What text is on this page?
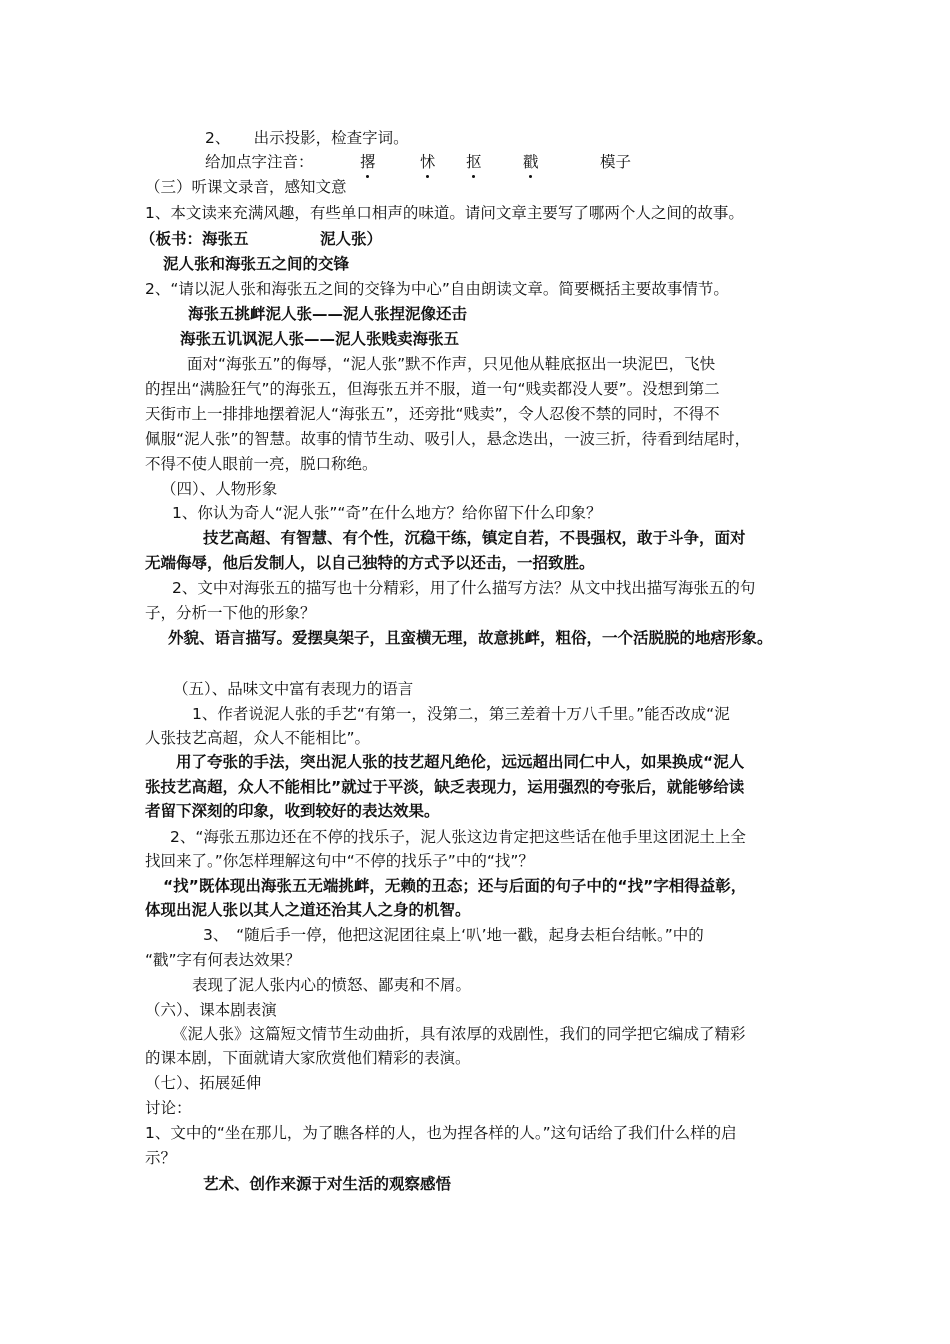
2、　　出示投影，检查字词。
给加点字注音：	撂	怵 抠	戳	模子
（三）听课文录音，感知文意
1、本文读来充满风趣，有些单口相声的味道。请问文章主要写了哪两个人之间的故事。
（板书：海张五	泥人张）
泥人张和海张五之间的交锋
2、“请以泥人张和海张五之间的交锋为中心”自由朗读文章。简要概括主要故事情节。
海张五挑衅泥人张——泥人张捏泥像还击
海张五讥讽泥人张——泥人张贱卖海张五
面对“海张五”的侮辱，“泥人张”默不作声，只见他从鞋底抠出一块泥巴，飞快
的捏出“满脸狂气”的海张五，但海张五并不服，道一句“贱卖都没人要”。没想到第二
天街市上一排排地摆着泥人“海张五”，还旁批“贱卖”，令人忍俊不禁的同时，不得不
佩服“泥人张”的智慧。故事的情节生动、吸引人，悬念迭出，一波三折，待看到结尾时，
不得不使人眼前一亮，脱口称绝。
（四）、人物形象
1、你认为奇人“泥人张”“奇”在什么地方？给你留下什么印象？
技艺高超、有智慧、有个性，沉稳干练，镇定自若，不畏强权，敢于斗争，面对
无端侮辱，他后发制人，以自己独特的方式予以还击，一招致胜。
2、文中对海张五的描写也十分精彩，用了什么描写方法？从文中找出描写海张五的句
子，分析一下他的形象？
外貌、语言描写。爱摆臭架子，且蛮横无理，故意挑衅，粗俗，一个活脱脱的地痞形象。
（五）、品味文中富有表现力的语言
1、作者说泥人张的手艺“有第一，没第二，第三差着十万八千里。”能否改成“泥
人张技艺高超，众人不能相比”。
用了夸张的手法，突出泥人张的技艺超凡绝伦，远远超出同仁中人，如果换成“泥人
张技艺高超，众人不能相比”就过于平淡，缺乏表现力，运用强烈的夸张后，就能够给读
者留下深刻的印象，收到较好的表达效果。
2、“海张五那边还在不停的找乐子，泥人张这边肯定把这些话在他手里这团泥土上全
找回来了。”你怎样理解这句中“不停的找乐子”中的“找”？
“找”既体现出海张五无端挑衅，无赖的丑态；还与后面的句子中的“找”字相得益彰，
体现出泥人张以其人之道还治其人之身的机智。
3、　“随后手一停，他把这泥团往桌上‘叭’地一戳，起身去柜台结帐。”中的
“戳”字有何表达效果？
表现了泥人张内心的愤怒、鄙夷和不屑。
（六）、课本剧表演
《泥人张》这篇短文情节生动曲折，具有浓厚的戏剧性，我们的同学把它编成了精彩
的课本剧，下面就请大家欣赏他们精彩的表演。
（七）、拓展延伸
讨论：
1、文中的“坐在那儿，为了瞧各样的人，也为捏各样的人。”这句话给了我们什么样的启
示？
艺术、创作来源于对生活的观察感悟
